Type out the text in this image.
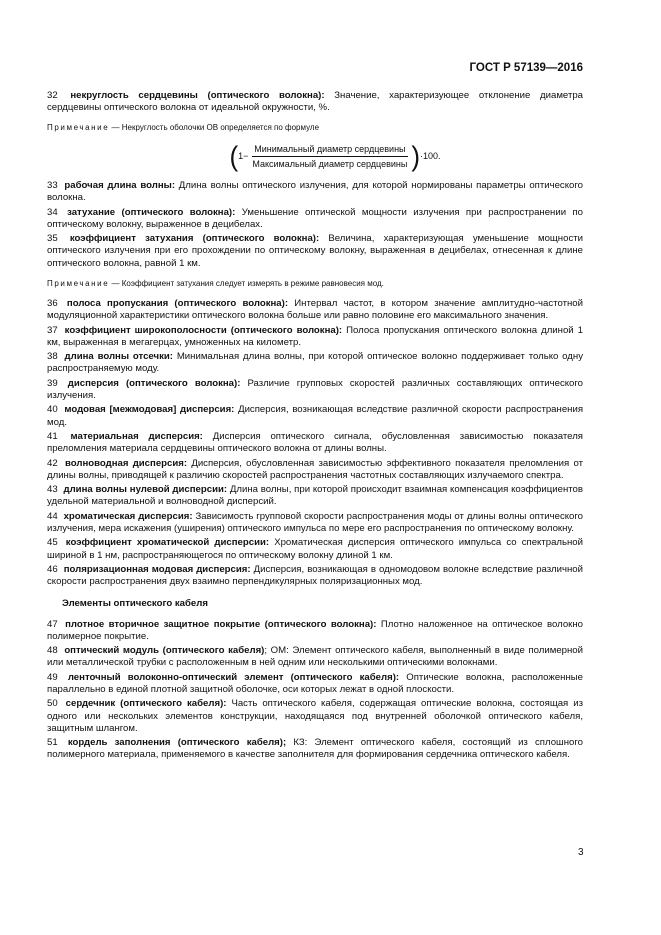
ГОСТ Р 57139—2016

32 некруглость сердцевины (оптического волокна): Значение, характеризующее отклонение диаметра сердцевины оптического волокна от идеальной окружности, %.

Примечание — Некруглость оболочки ОВ определяется по формуле

( $1- \frac{\text{Минимальный диаметр сердцевины}}{\text{Максимальный диаметр сердцевины}}$ ) ·100.

33 рабочая длина волны: Длина волны оптического излучения, для которой нормированы параметры оптического волокна.

34 затухание (оптического волокна): Уменьшение оптической мощности излучения при распространении по оптическому волокну, выраженное в децибелах.

35 коэффициент затухания (оптического волокна): Величина, характеризующая уменьшение мощности оптического излучения при его прохождении по оптическому волокну, выраженная в децибелах, отнесенная к длине оптического волокна, равной 1 км.

Примечание — Коэффициент затухания следует измерять в режиме равновесия мод.

36 полоса пропускания (оптического волокна): Интервал частот, в котором значение амплитудно-частотной модуляционной характеристики оптического волокна больше или равно половине его максимального значения.

37 коэффициент широкополосности (оптического волокна): Полоса пропускания оптического волокна длиной 1 км, выраженная в мегагерцах, умноженных на километр.

38 длина волны отсечки: Минимальная длина волны, при которой оптическое волокно поддерживает только одну распространяемую моду.

39 дисперсия (оптического волокна): Различие групповых скоростей различных составляющих оптического излучения.

40 модовая [межмодовая] дисперсия: Дисперсия, возникающая вследствие различной скорости распространения мод.

41 материальная дисперсия: Дисперсия оптического сигнала, обусловленная зависимостью показателя преломления материала сердцевины оптического волокна от длины волны.

42 волноводная дисперсия: Дисперсия, обусловленная зависимостью эффективного показателя преломления от длины волны, приводящей к различию скоростей распространения частотных составляющих излучаемого спектра.

43 длина волны нулевой дисперсии: Длина волны, при которой происходит взаимная компенсация коэффициентов удельной материальной и волноводной дисперсий.

44 хроматическая дисперсия: Зависимость групповой скорости распространения моды от длины волны оптического излучения, мера искажения (уширения) оптического импульса по мере его распространения по оптическому волокну.

45 коэффициент хроматической дисперсии: Хроматическая дисперсия оптического импульса со спектральной шириной в 1 нм, распространяющегося по оптическому волокну длиной 1 км.

46 поляризационная модовая дисперсия: Дисперсия, возникающая в одномодовом волокне вследствие различной скорости распространения двух взаимно перпендикулярных поляризационных мод.

Элементы оптического кабеля

47 плотное вторичное защитное покрытие (оптического волокна): Плотно наложенное на оптическое волокно полимерное покрытие.

48 оптический модуль (оптического кабеля); ОМ: Элемент оптического кабеля, выполненный в виде полимерной или металлической трубки с расположенным в ней одним или несколькими оптическими волокнами.

49 ленточный волоконно-оптический элемент (оптического кабеля): Оптические волокна, расположенные параллельно в единой плотной защитной оболочке, оси которых лежат в одной плоскости.

50 сердечник (оптического кабеля): Часть оптического кабеля, содержащая оптические волокна, состоящая из одного или нескольких элементов конструкции, находящаяся под внутренней оболочкой оптического кабеля, защитным шлангом.

51 кордель заполнения (оптического кабеля); КЗ: Элемент оптического кабеля, состоящий из сплошного полимерного материала, применяемого в качестве заполнителя для формирования сердечника оптического кабеля.

3
